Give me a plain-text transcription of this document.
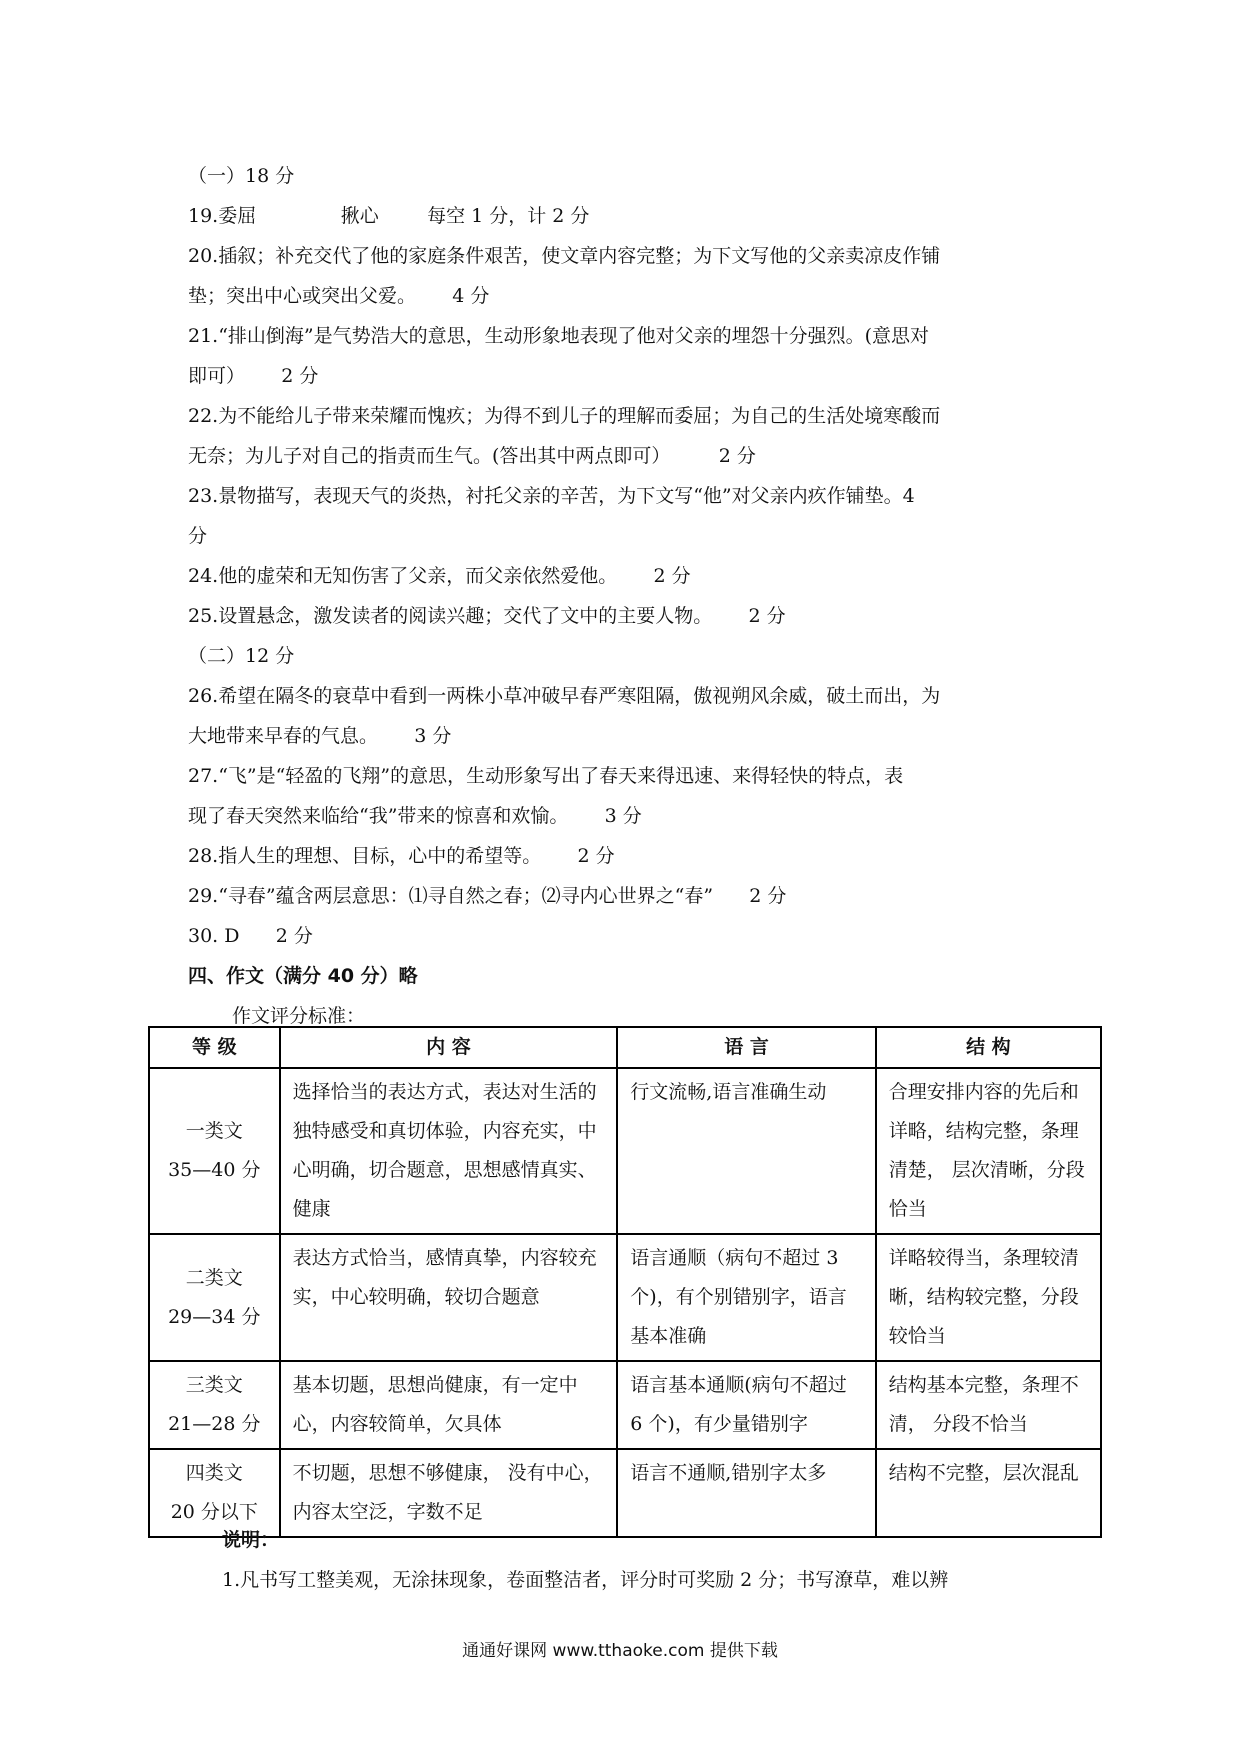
（一）18 分
19.委屈              揪心        每空 1 分，计 2 分
20.插叙；补充交代了他的家庭条件艰苦，使文章内容完整；为下文写他的父亲卖凉皮作铺
垫；突出中心或突出父爱。      4 分
21.“排山倒海”是气势浩大的意思，生动形象地表现了他对父亲的埋怨十分强烈。(意思对
即可）      2 分
22.为不能给儿子带来荣耀而愧疚；为得不到儿子的理解而委屈；为自己的生活处境寒酸而
无奈；为儿子对自己的指责而生气。(答出其中两点即可）        2 分
23.景物描写，表现天气的炎热，衬托父亲的辛苦，为下文写“他”对父亲内疚作铺垫。4
分
24.他的虚荣和无知伤害了父亲，而父亲依然爱他。      2 分
25.设置悬念，激发读者的阅读兴趣；交代了文中的主要人物。      2 分
（二）12 分
26.希望在隔冬的衰草中看到一两株小草冲破早春严寒阻隔，傲视朔风余威，破土而出，为
大地带来早春的气息。      3 分
27.“飞”是“轻盈的飞翔”的意思，生动形象写出了春天来得迅速、来得轻快的特点，表
现了春天突然来临给“我”带来的惊喜和欢愉。      3 分
28.指人生的理想、目标，心中的希望等。      2 分
29.“寻春”蕴含两层意思：⑴寻自然之春；⑵寻内心世界之“春”      2 分
30. D      2 分
四、作文（满分 40 分）略
作文评分标准：
等 级	内 容	语 言	结 构

一类文
35—40 分	选择恰当的表达方式，表达对生活的独特感受和真切体验，内容充实，中心明确，切合题意，思想感情真实、健康	行文流畅,语言准确生动	合理安排内容的先后和详略，结构完整，条理清楚， 层次清晰，分段恰当

二类文
29—34 分	表达方式恰当，感情真挚，内容较充实，中心较明确，较切合题意	语言通顺（病句不超过 3 个)，有个别错别字，语言基本准确	详略较得当，条理较清晰，结构较完整，分段较恰当

三类文
21—28 分	基本切题，思想尚健康，有一定中心，内容较简单，欠具体	语言基本通顺(病句不超过 6 个)，有少量错别字	结构基本完整，条理不清， 分段不恰当

四类文
20 分以下	不切题，思想不够健康， 没有中心，内容太空泛，字数不足	语言不通顺,错别字太多	结构不完整，层次混乱
说明：
1.凡书写工整美观，无涂抹现象，卷面整洁者，评分时可奖励 2 分；书写潦草，难以辨
通通好课网 www.tthaoke.com 提供下载
